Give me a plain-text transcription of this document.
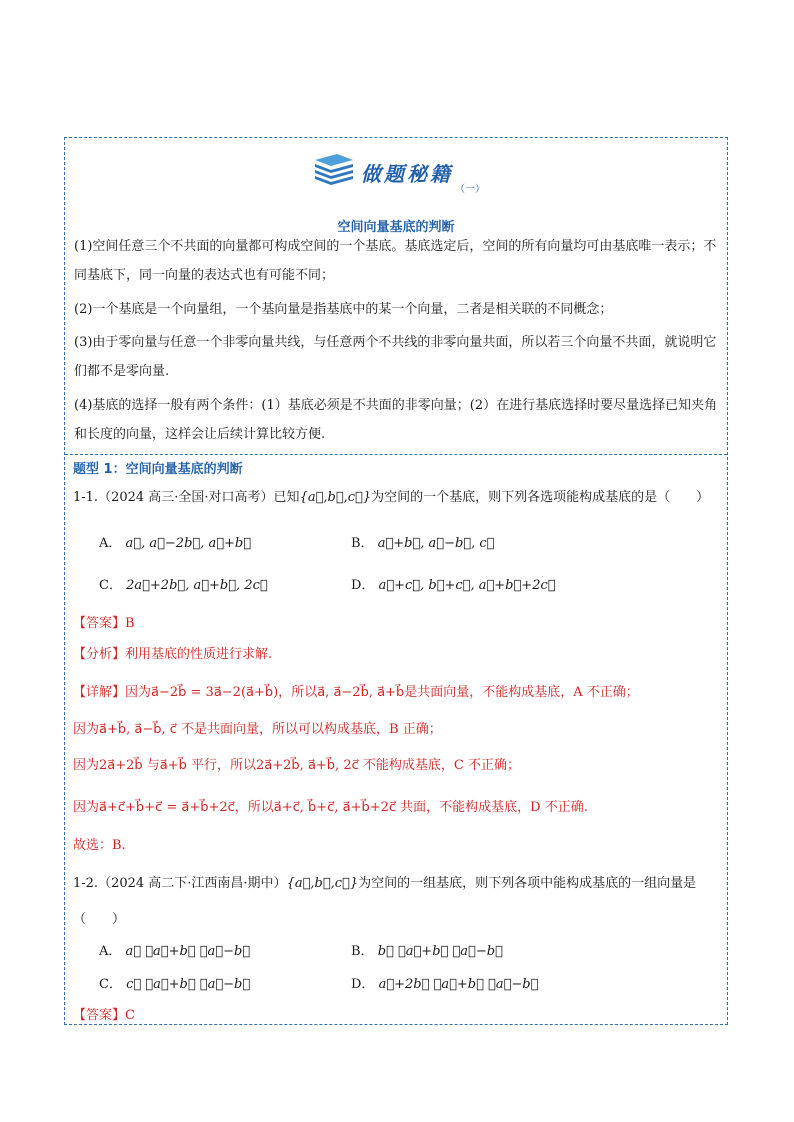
做题秘籍
（一）
空间向量基底的判断
(1)空间任意三个不共面的向量都可构成空间的一个基底。基底选定后，空间的所有向量均可由基底唯一表示；不同基底下，同一向量的表达式也有可能不同；
(2)一个基底是一个向量组，一个基向量是指基底中的某一个向量，二者是相关联的不同概念；
(3)由于零向量与任意一个非零向量共线，与任意两个不共线的非零向量共面，所以若三个向量不共面，就说明它们都不是零向量.
(4)基底的选择一般有两个条件：(1）基底必须是不共面的非零向量；(2）在进行基底选择时要尽量选择已知夹角和长度的向量，这样会让后续计算比较方便.
题型 1：空间向量基底的判断
1-1.（2024 高三·全国·对口高考）已知{a⃗,b⃗,c⃗}为空间的一个基底，则下列各选项能构成基底的是（　　）
A． a⃗, a⃗−2b⃗, a⃗+b⃗	B． a⃗+b⃗, a⃗−b⃗, c⃗
C． 2a⃗+2b⃗, a⃗+b⃗, 2c⃗	D． a⃗+c⃗, b⃗+c⃗, a⃗+b⃗+2c⃗
【答案】B
【分析】利用基底的性质进行求解.
【详解】因为a⃗−2b⃗ = 3a⃗−2(a⃗+b⃗)，所以a⃗, a⃗−2b⃗, a⃗+b⃗是共面向量，不能构成基底，A 不正确；
因为a⃗+b⃗, a⃗−b⃗, c⃗ 不是共面向量，所以可以构成基底，B 正确；
因为2a⃗+2b⃗ 与a⃗+b⃗ 平行，所以2a⃗+2b⃗, a⃗+b⃗, 2c⃗ 不能构成基底，C 不正确；
因为a⃗+c⃗+b⃗+c⃗ = a⃗+b⃗+2c⃗，所以a⃗+c⃗, b⃗+c⃗, a⃗+b⃗+2c⃗ 共面，不能构成基底，D 不正确.
故选：B.
1-2.（2024 高二下·江西南昌·期中）{a⃗,b⃗,c⃗}为空间的一组基底，则下列各项中能构成基底的一组向量是
（　　）
A． a⃗ ，a⃗+b⃗ ，a⃗−b⃗	B． b⃗ ，a⃗+b⃗ ，a⃗−b⃗
C． c⃗ ，a⃗+b⃗ ，a⃗−b⃗	D． a⃗+2b⃗ ，a⃗+b⃗ ，a⃗−b⃗
【答案】C
